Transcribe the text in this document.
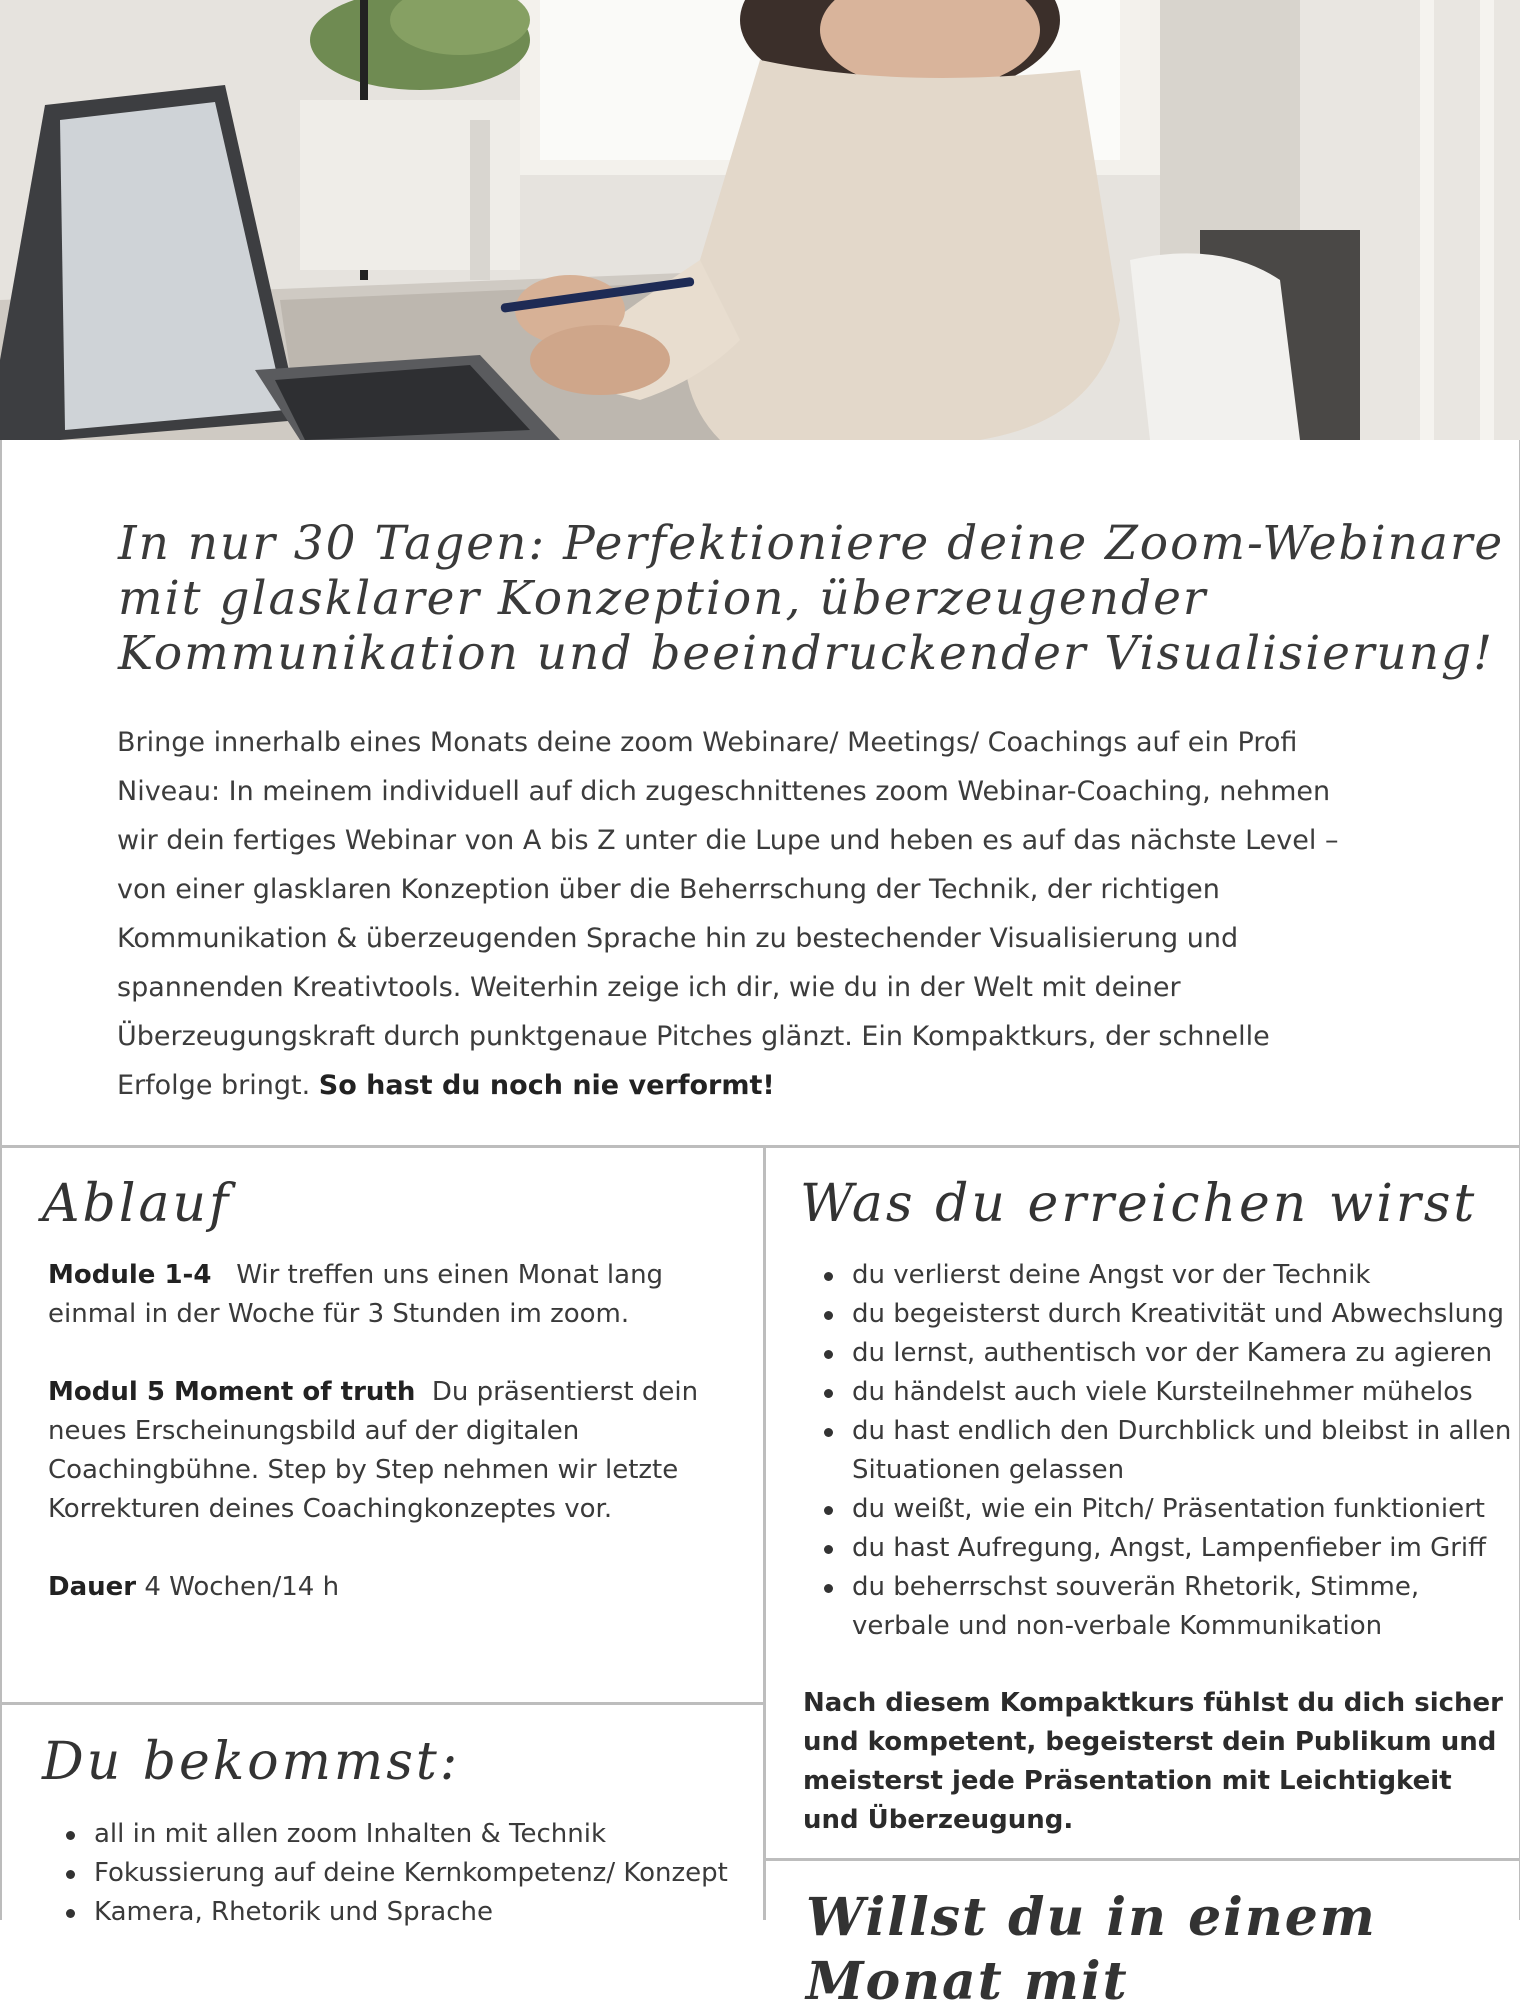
In nur 30 Tagen: Perfektioniere deine Zoom-Webinare mit glasklarer Konzeption, überzeugender Kommunikation und beeindruckender Visualisierung!

Bringe innerhalb eines Monats deine zoom Webinare/ Meetings/ Coachings auf ein Profi Niveau: In meinem individuell auf dich zugeschnittenes zoom Webinar-Coaching, nehmen wir dein fertiges Webinar von A bis Z unter die Lupe und heben es auf das nächste Level – von einer glasklaren Konzeption über die Beherrschung der Technik, der richtigen Kommunikation & überzeugenden Sprache hin zu bestechender Visualisierung und spannenden Kreativtools. Weiterhin zeige ich dir, wie du in der Welt mit deiner Überzeugungskraft durch punktgenaue Pitches glänzt. Ein Kompaktkurs, der schnelle Erfolge bringt. So hast du noch nie verformt!

Ablauf

Module 1-4 Wir treffen uns einen Monat lang einmal in der Woche für 3 Stunden im zoom.

Modul 5 Moment of truth Du präsentierst dein neues Erscheinungsbild auf der digitalen Coachingbühne. Step by Step nehmen wir letzte Korrekturen deines Coachingkonzeptes vor.

Dauer 4 Wochen/14 h

Was du erreichen wirst
du verlierst deine Angst vor der Technik
du begeisterst durch Kreativität und Abwechslung
du lernst, authentisch vor der Kamera zu agieren
du händelst auch viele Kursteilnehmer mühelos
du hast endlich den Durchblick und bleibst in allen Situationen gelassen
du weißt, wie ein Pitch/ Präsentation funktioniert
du hast Aufregung, Angst, Lampenfieber im Griff
du beherrschst souverän Rhetorik, Stimme, verbale und non-verbale Kommunikation

Nach diesem Kompaktkurs fühlst du dich sicher und kompetent, begeisterst dein Publikum und meisterst jede Präsentation mit Leichtigkeit und Überzeugung.

Du bekommst:
all in mit allen zoom Inhalten & Technik
Fokussierung auf deine Kernkompetenz/ Konzept
Kamera, Rhetorik und Sprache	Willst du in einem Monat mit
